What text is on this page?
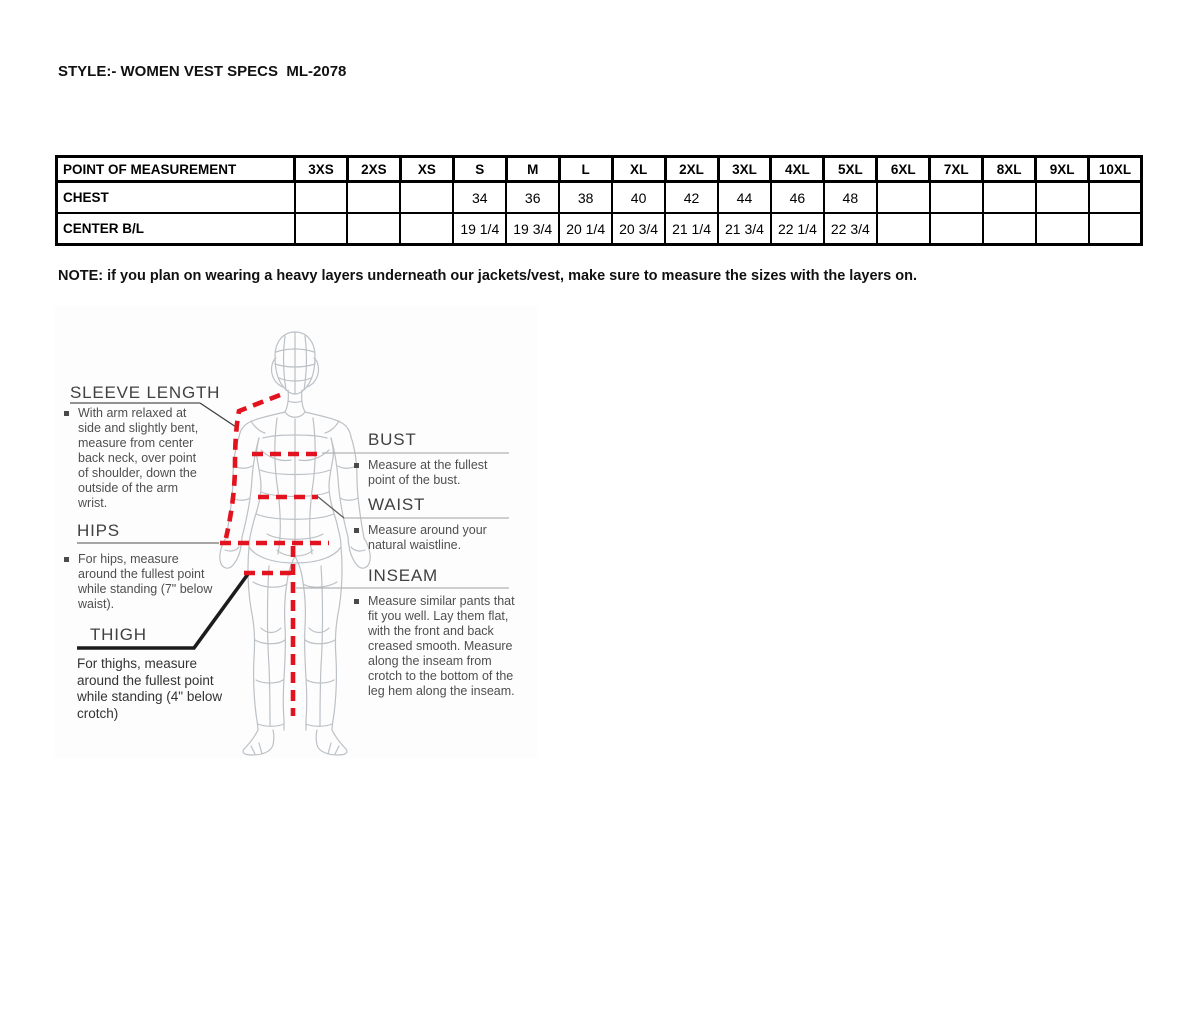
STYLE:- WOMEN VEST SPECS  ML-2078
POINT OF MEASUREMENT	3XS	2XS	XS	S	M	L	XL	2XL	3XL	4XL	5XL	6XL	7XL	8XL	9XL	10XL
CHEST				34	36	38	40	42	44	46	48					
CENTER B/L				19 1/4	19 3/4	20 1/4	20 3/4	21 1/4	21 3/4	22 1/4	22 3/4					
NOTE: if you plan on wearing a heavy layers underneath our jackets/vest, make sure to measure the sizes with the layers on.
SLEEVE LENGTH
With arm relaxed at side and slightly bent, measure from center back neck, over point of shoulder, down the outside of the arm wrist.
HIPS
For hips, measure around the fullest point while standing (7" below waist).
THIGH
For thighs, measure around the fullest point while standing (4" below crotch)
BUST
Measure at the fullest point of the bust.
WAIST
Measure around your natural waistline.
INSEAM
Measure similar pants that fit you well. Lay them flat, with the front and back creased smooth. Measure along the inseam from crotch to the bottom of the leg hem along the inseam.
